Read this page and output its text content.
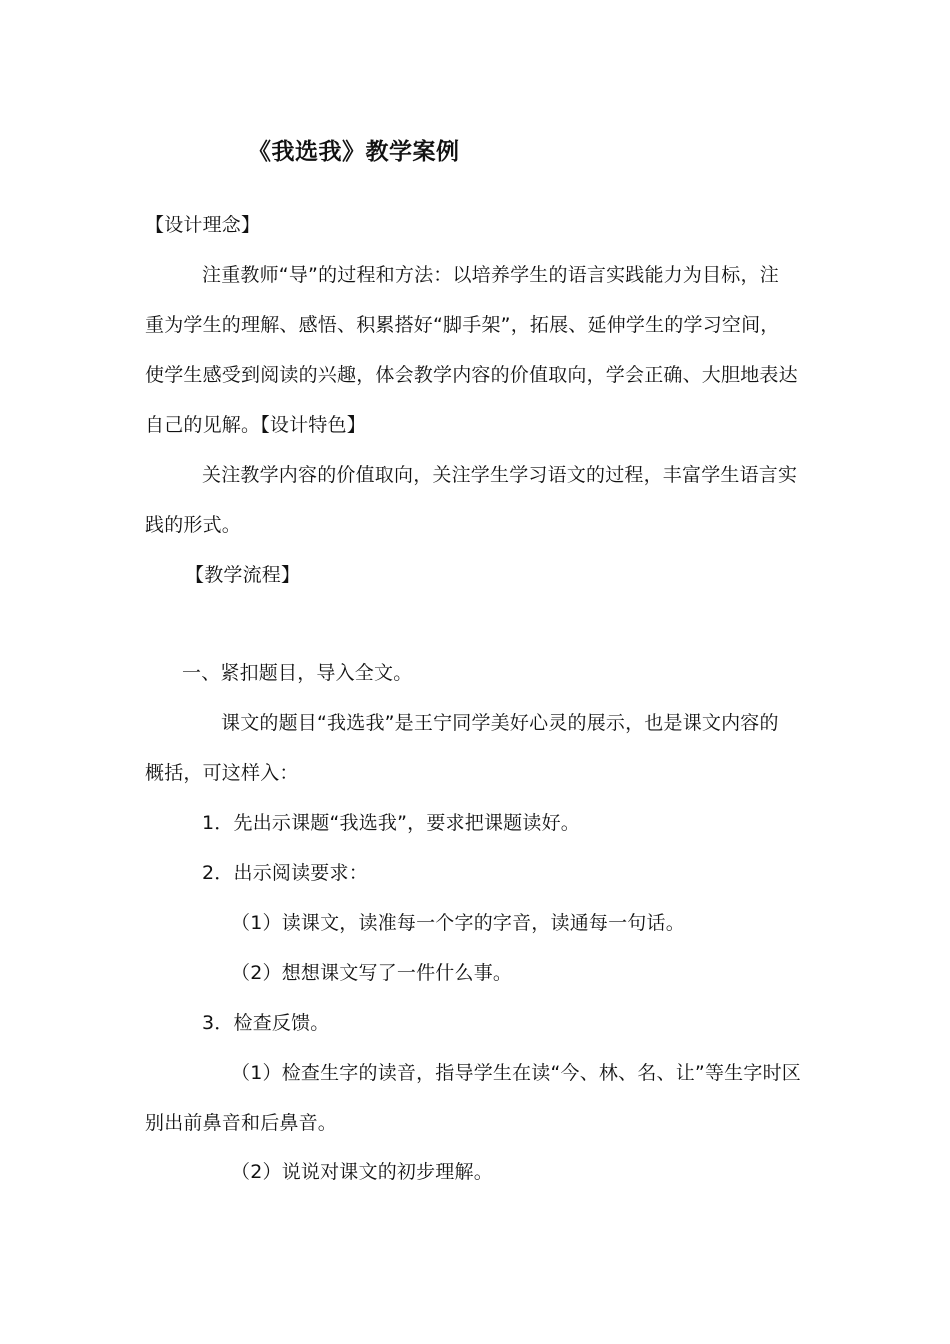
《我选我》教学案例
【设计理念】
注重教师“导”的过程和方法：以培养学生的语言实践能力为目标，注
重为学生的理解、感悟、积累搭好“脚手架”，拓展、延伸学生的学习空间，
使学生感受到阅读的兴趣，体会教学内容的价值取向，学会正确、大胆地表达
自己的见解。【设计特色】
关注教学内容的价值取向，关注学生学习语文的过程，丰富学生语言实
践的形式。
【教学流程】
一、紧扣题目，导入全文。
课文的题目“我选我”是王宁同学美好心灵的展示，也是课文内容的
概括，可这样入：
1．先出示课题“我选我”，要求把课题读好。
2．出示阅读要求：
（1）读课文，读准每一个字的字音，读通每一句话。
（2）想想课文写了一件什么事。
3．检查反馈。
（1）检查生字的读音，指导学生在读“今、林、名、让”等生字时区
别出前鼻音和后鼻音。
（2）说说对课文的初步理解。
